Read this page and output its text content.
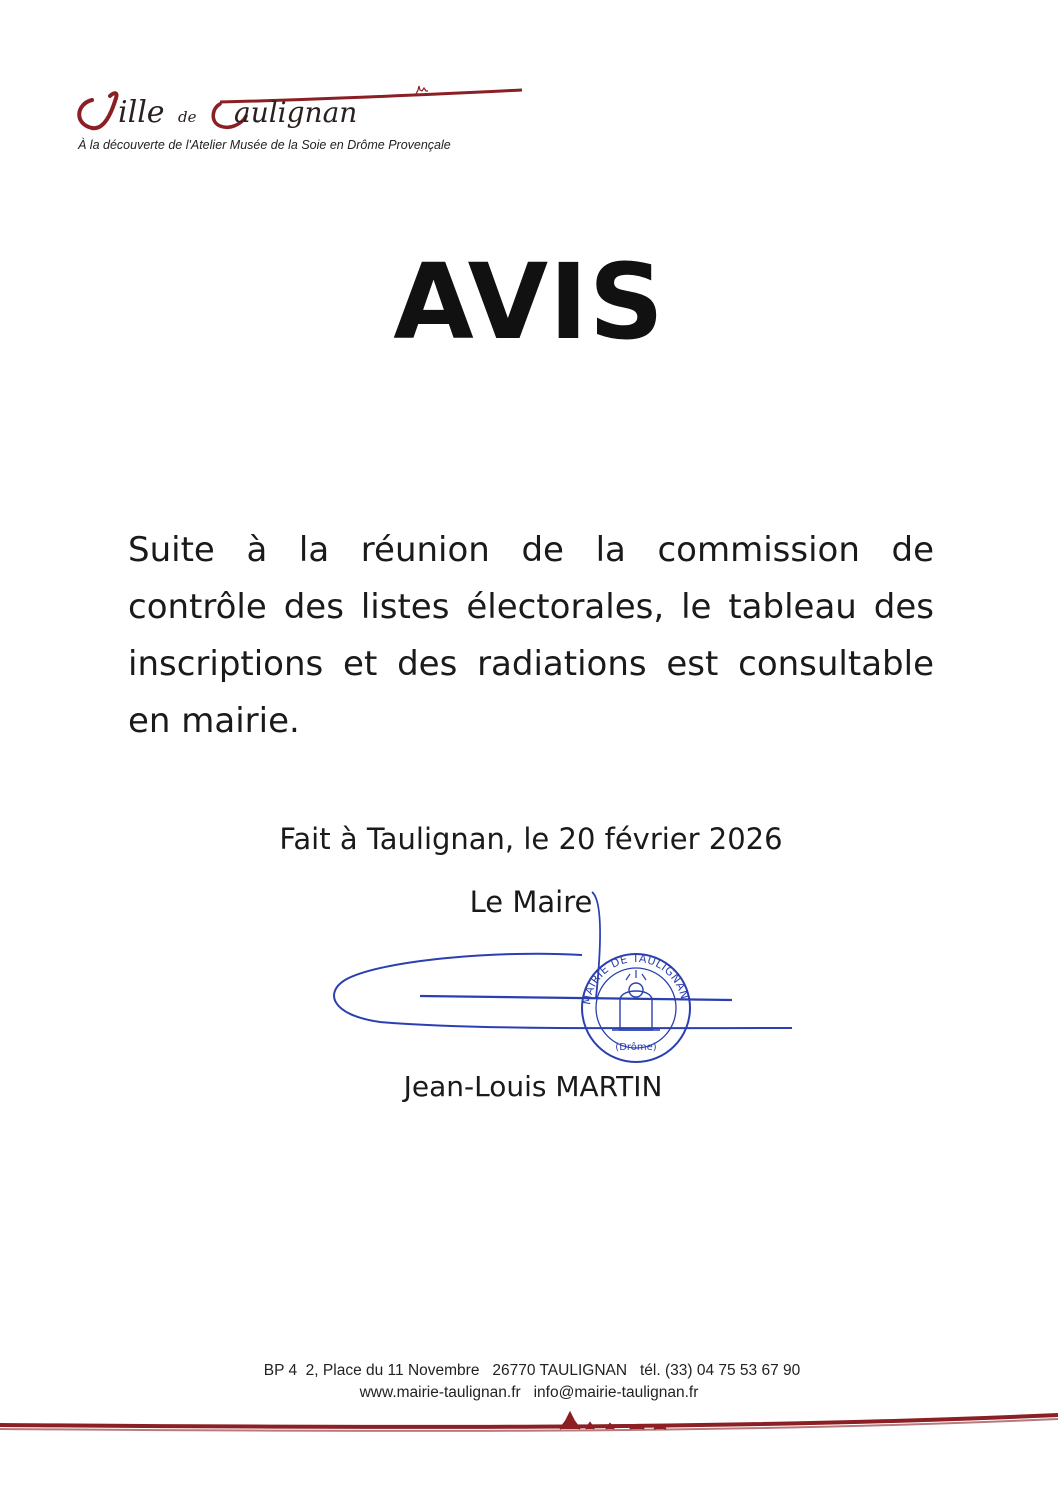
ille de aulignan
À la découverte de l'Atelier Musée de la Soie en Drôme Provençale
AVIS
Suite à la réunion de la commission de contrôle des listes électorales, le tableau des inscriptions et des radiations est consultable en mairie.
Fait à Taulignan, le 20 février 2026
MAIRIE DE TAULIGNAN
(Drôme)
Le Maire
Jean-Louis MARTIN
BP 4  2, Place du 11 Novembre   26770 TAULIGNAN   tél. (33) 04 75 53 67 90
www.mairie-taulignan.fr   info@mairie-taulignan.fr
